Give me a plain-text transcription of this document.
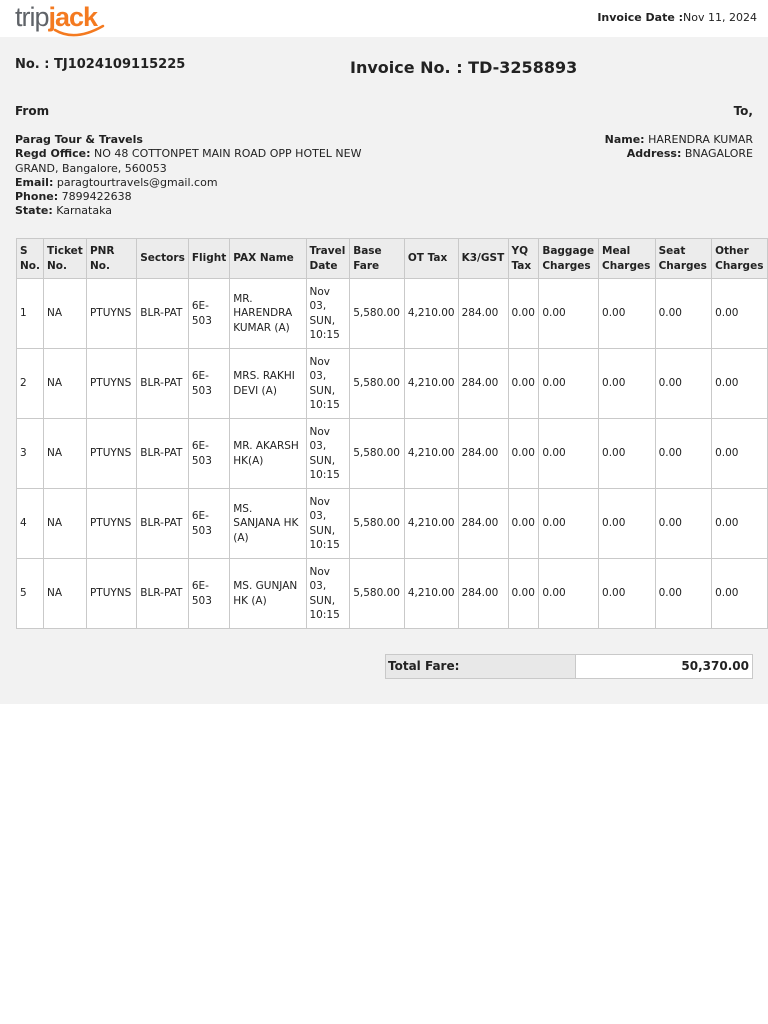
tripjack	Invoice Date :Nov 11, 2024
No. : TJ1024109115225	Invoice No. : TD-3258893
From	To,
Parag Tour & Travels
Regd Office: NO 48 COTTONPET MAIN ROAD OPP HOTEL NEW GRAND, Bangalore, 560053
Email: paragtourtravels@gmail.com
Phone: 7899422638
State: Karnataka
Name: HARENDRA KUMAR
Address: BNAGALORE
S No.	Ticket No.	PNR No.	Sectors	Flight	PAX Name	Travel Date	Base Fare	OT Tax	K3/GST	YQ Tax	Baggage Charges	Meal Charges	Seat Charges	Other Charges
1	NA	PTUYNS	BLR-PAT	6E-503	MR. HARENDRA KUMAR (A)	Nov 03, SUN, 10:15	5,580.00	4,210.00	284.00	0.00	0.00	0.00	0.00	0.00
2	NA	PTUYNS	BLR-PAT	6E-503	MRS. RAKHI DEVI (A)	Nov 03, SUN, 10:15	5,580.00	4,210.00	284.00	0.00	0.00	0.00	0.00	0.00
3	NA	PTUYNS	BLR-PAT	6E-503	MR. AKARSH HK(A)	Nov 03, SUN, 10:15	5,580.00	4,210.00	284.00	0.00	0.00	0.00	0.00	0.00
4	NA	PTUYNS	BLR-PAT	6E-503	MS. SANJANA HK (A)	Nov 03, SUN, 10:15	5,580.00	4,210.00	284.00	0.00	0.00	0.00	0.00	0.00
5	NA	PTUYNS	BLR-PAT	6E-503	MS. GUNJAN HK (A)	Nov 03, SUN, 10:15	5,580.00	4,210.00	284.00	0.00	0.00	0.00	0.00	0.00
Total Fare:	50,370.00
